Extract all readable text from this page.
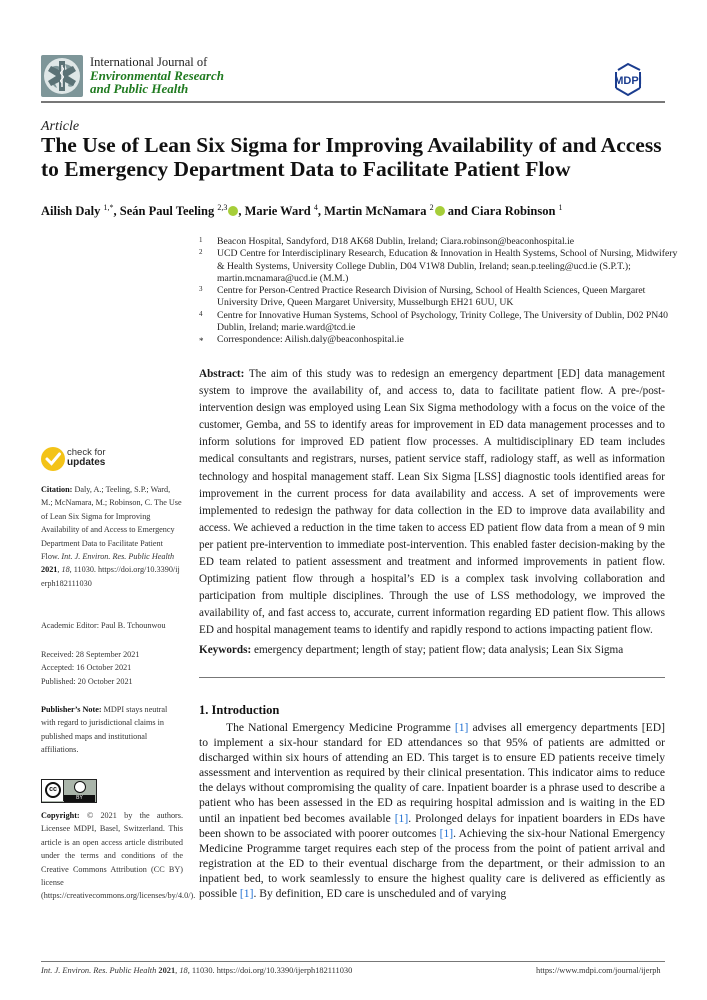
International Journal of
Environmental Research
and Public Health	MDPI
Article
The Use of Lean Six Sigma for Improving Availability of and Access to Emergency Department Data to Facilitate Patient Flow
Ailish Daly $^{1,*}$, Seán Paul Teeling $^{2,3}$ , Marie Ward $^4$, Martin McNamara $^2$ and Ciara Robinson $^1$
1 Beacon Hospital, Sandyford, D18 AK68 Dublin, Ireland; Ciara.robinson@beaconhospital.ie
2 UCD Centre for Interdisciplinary Research, Education & Innovation in Health Systems, School of Nursing, Midwifery & Health Systems, University College Dublin, D04 V1W8 Dublin, Ireland; sean.p.teeling@ucd.ie (S.P.T.); martin.mcnamara@ucd.ie (M.M.)
3 Centre for Person-Centred Practice Research Division of Nursing, School of Health Sciences, Queen Margaret University Drive, Queen Margaret University, Musselburgh EH21 6UU, UK
4 Centre for Innovative Human Systems, School of Psychology, Trinity College, The University of Dublin, D02 PN40 Dublin, Ireland; marie.ward@tcd.ie
* Correspondence: Ailish.daly@beaconhospital.ie
Abstract: The aim of this study was to redesign an emergency department [ED] data management system to improve the availability of, and access to, data to facilitate patient flow. A pre-/post-intervention design was employed using Lean Six Sigma methodology with a focus on the voice of the customer, Gemba, and 5S to identify areas for improvement in ED data management processes and to inform solutions for improved ED patient flow processes. A multidisciplinary ED team includes medical consultants and registrars, nurses, patient service staff, radiology staff, as well as information technology and hospital management staff. Lean Six Sigma [LSS] diagnostic tools identified areas for improvement in the current process for data availability and access. A set of improvements were implemented to redesign the pathway for data collection in the ED to improve data availability and access. We achieved a reduction in the time taken to access ED patient flow data from a mean of 9 min per patient pre-intervention to immediate post-intervention. This enabled faster decision-making by the ED team related to patient assessment and treatment and informed improvements in patient flow. Optimizing patient flow through a hospital’s ED is a complex task involving collaboration and participation from multiple disciplines. Through the use of LSS methodology, we improved the availability of, and fast access to, accurate, current information regarding ED patient flow. This allows ED and hospital management teams to identify and rapidly respond to actions impacting patient flow.
Keywords: emergency department; length of stay; patient flow; data analysis; Lean Six Sigma
1. Introduction
The National Emergency Medicine Programme [1] advises all emergency departments [ED] to implement a six-hour standard for ED attendances so that 95% of patients are admitted or discharged within six hours of attending an ED. This target is to ensure ED patients receive timely assessment and intervention as required by their clinical presentation. This indicator aims to reduce the delays without compromising the quality of care. Inpatient boarder is a phrase used to describe a patient who has been assessed in the ED as requiring hospital admission and is waiting in the ED until an inpatient bed becomes available [1]. Prolonged delays for inpatient boarders in EDs have been shown to be associated with poorer outcomes [1]. Achieving the six-hour National Emergency Medicine Programme target requires each step of the process from the point of patient arrival and registration at the ED to their eventual discharge from the department, or their admission to an inpatient bed, to work seamlessly to ensure the highest quality care is delivered as efficiently as possible [1]. By definition, ED care is unscheduled and of varying
check for
updates
Citation: Daly, A.; Teeling, S.P.; Ward, M.; McNamara, M.; Robinson, C. The Use of Lean Six Sigma for Improving Availability of and Access to Emergency Department Data to Facilitate Patient Flow. Int. J. Environ. Res. Public Health 2021, 18, 11030. https://doi.org/10.3390/ijerph182111030
Academic Editor: Paul B. Tchounwou
Received: 28 September 2021
Accepted: 16 October 2021
Published: 20 October 2021
Publisher’s Note: MDPI stays neutral with regard to jurisdictional claims in published maps and institutional affiliations.
cc
BY
Copyright: © 2021 by the authors. Licensee MDPI, Basel, Switzerland. This article is an open access article distributed under the terms and conditions of the Creative Commons Attribution (CC BY) license (https://creativecommons.org/licenses/by/4.0/).
Int. J. Environ. Res. Public Health 2021, 18, 11030. https://doi.org/10.3390/ijerph182111030	https://www.mdpi.com/journal/ijerph
